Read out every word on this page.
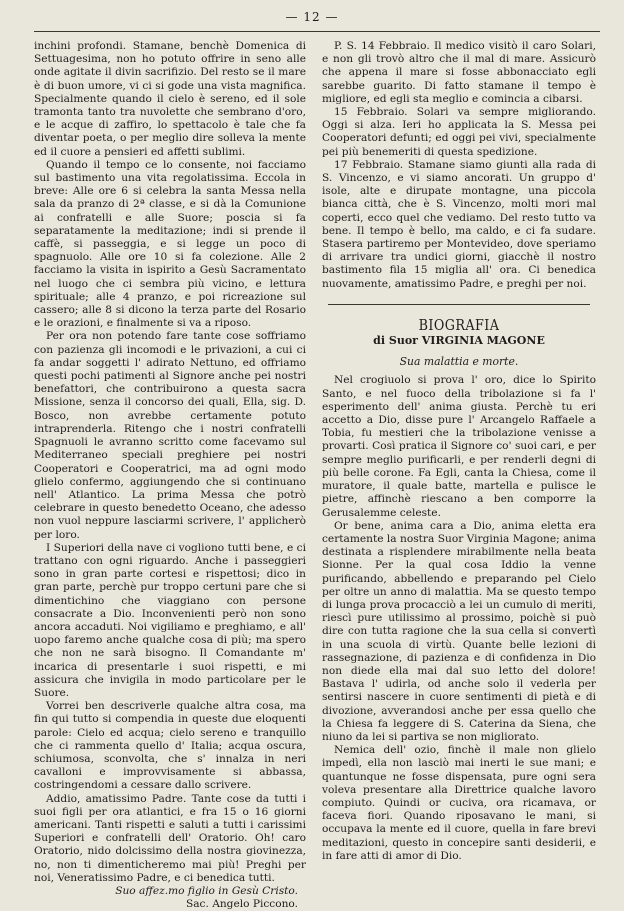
— 12 —

inchini profondi. Stamane, benchè Domenica di Settuagesima, non ho potuto offrire in seno alle onde agitate il divin sacrifizio. Del resto se il mare è di buon umore, vi ci si gode una vista magnifica. Specialmente quando il cielo è sereno, ed il sole tramonta tanto tra nuvolette che sembrano d'oro, e le acque di zaffiro, lo spettacolo è tale che fa diventar poeta, o per meglio dire solleva la mente ed il cuore a pensieri ed affetti sublimi.

Quando il tempo ce lo consente, noi facciamo sul bastimento una vita regolatissima. Eccola in breve: Alle ore 6 si celebra la santa Messa nella sala da pranzo di 2ª classe, e si dà la Comunione ai confratelli e alle Suore; poscia si fa separatamente la meditazione; indi si prende il caffè, si passeggia, e si legge un poco di spagnuolo. Alle ore 10 si fa colezione. Alle 2 facciamo la visita in ispirito a Gesù Sacramentato nel luogo che ci sembra più vicino, e lettura spirituale; alle 4 pranzo, e poi ricreazione sul cassero; alle 8 si dicono la terza parte del Rosario e le orazioni, e finalmente si va a riposo.

Per ora non potendo fare tante cose soffriamo con pazienza gli incomodi e le privazioni, a cui ci fa andar soggetti l' adirato Nettuno, ed offriamo questi pochi patimenti al Signore anche pei nostri benefattori, che contribuirono a questa sacra Missione, senza il concorso dei quali, Ella, sig. D. Bosco, non avrebbe certamente potuto intraprenderla. Ritengo che i nostri confratelli Spagnuoli le avranno scritto come facevamo sul Mediterraneo speciali preghiere pei nostri Cooperatori e Cooperatrici, ma ad ogni modo glielo confermo, aggiungendo che si continuano nell' Atlantico. La prima Messa che potrò celebrare in questo benedetto Oceano, che adesso non vuol neppure lasciarmi scrivere, l' applicherò per loro.

I Superiori della nave ci vogliono tutti bene, e ci trattano con ogni riguardo. Anche i passeggieri sono in gran parte cortesi e rispettosi; dico in gran parte, perchè pur troppo certuni pare che si dimentichino che viaggiano con persone consacrate a Dio. Inconvenienti però non sono ancora accaduti. Noi vigiliamo e preghiamo, e all' uopo faremo anche qualche cosa di più; ma spero che non ne sarà bisogno. Il Comandante m' incarica di presentarle i suoi rispetti, e mi assicura che invigila in modo particolare per le Suore.

Vorrei ben descriverle qualche altra cosa, ma fin qui tutto si compendia in queste due eloquenti parole: Cielo ed acqua; cielo sereno e tranquillo che ci rammenta quello d' Italia; acqua oscura, schiumosa, sconvolta, che s' innalza in neri cavalloni e improvvisamente si abbassa, costringendomi a cessare dallo scrivere.

Addio, amatissimo Padre. Tante cose da tutti i suoi figli per ora atlantici, e fra 15 o 16 giorni americani. Tanti rispetti e saluti a tutti i carissimi Superiori e confratelli dell' Oratorio. Oh! caro Oratorio, nido dolcissimo della nostra giovinezza, no, non ti dimenticheremo mai più! Preghi per noi, Veneratissimo Padre, e ci benedica tutti.

Suo affez.mo figlio in Gesù Cristo.

Sac. Angelo Piccono.

P. S. 14 Febbraio. Il medico visitò il caro Solari, e non gli trovò altro che il mal di mare. Assicurò che appena il mare si fosse abbonacciato egli sarebbe guarito. Di fatto stamane il tempo è migliore, ed egli sta meglio e comincia a cibarsi.

15 Febbraio. Solari va sempre migliorando. Oggi si alza. Ieri ho applicata la S. Messa pei Cooperatori defunti; ed oggi pei vivi, specialmente pei più benemeriti di questa spedizione.

17 Febbraio. Stamane siamo giunti alla rada di S. Vincenzo, e vi siamo ancorati. Un gruppo d' isole, alte e dirupate montagne, una piccola bianca città, che è S. Vincenzo, molti mori mal coperti, ecco quel che vediamo. Del resto tutto va bene. Il tempo è bello, ma caldo, e ci fa sudare. Stasera partiremo per Montevideo, dove speriamo di arrivare tra undici giorni, giacchè il nostro bastimento fila 15 miglia all' ora. Ci benedica nuovamente, amatissimo Padre, e preghi per noi.

BIOGRAFIA
di Suor VIRGINIA MAGONE
Sua malattia e morte.

Nel crogiuolo si prova l' oro, dice lo Spirito Santo, e nel fuoco della tribolazione si fa l' esperimento dell' anima giusta. Perchè tu eri accetto a Dio, disse pure l' Arcangelo Raffaele a Tobia, fu mestieri che la tribolazione venisse a provarti. Così pratica il Signore co' suoi cari, e per sempre meglio purificarli, e per renderli degni di più belle corone. Fa Egli, canta la Chiesa, come il muratore, il quale batte, martella e pulisce le pietre, affinchè riescano a ben comporre la Gerusalemme celeste.

Or bene, anima cara a Dio, anima eletta era certamente la nostra Suor Virginia Magone; anima destinata a risplendere mirabilmente nella beata Sionne. Per la qual cosa Iddio la venne purificando, abbellendo e preparando pel Cielo per oltre un anno di malattia. Ma se questo tempo di lunga prova procacciò a lei un cumulo di meriti, riescì pure utilissimo al prossimo, poichè si può dire con tutta ragione che la sua cella si convertì in una scuola di virtù. Quante belle lezioni di rassegnazione, di pazienza e di confidenza in Dio non diede ella mai dal suo letto del dolore! Bastava l' udirla, od anche solo il vederla per sentirsi nascere in cuore sentimenti di pietà e di divozione, avverandosi anche per essa quello che la Chiesa fa leggere di S. Caterina da Siena, che niuno da lei si partiva se non migliorato.

Nemica dell' ozio, finchè il male non glielo impedì, ella non lasciò mai inerti le sue mani; e quantunque ne fosse dispensata, pure ogni sera voleva presentare alla Direttrice qualche lavoro compiuto. Quindi or cuciva, ora ricamava, or faceva fiori. Quando riposavano le mani, si occupava la mente ed il cuore, quella in fare brevi meditazioni, questo in concepire santi desiderii, e in fare atti di amor di Dio.
